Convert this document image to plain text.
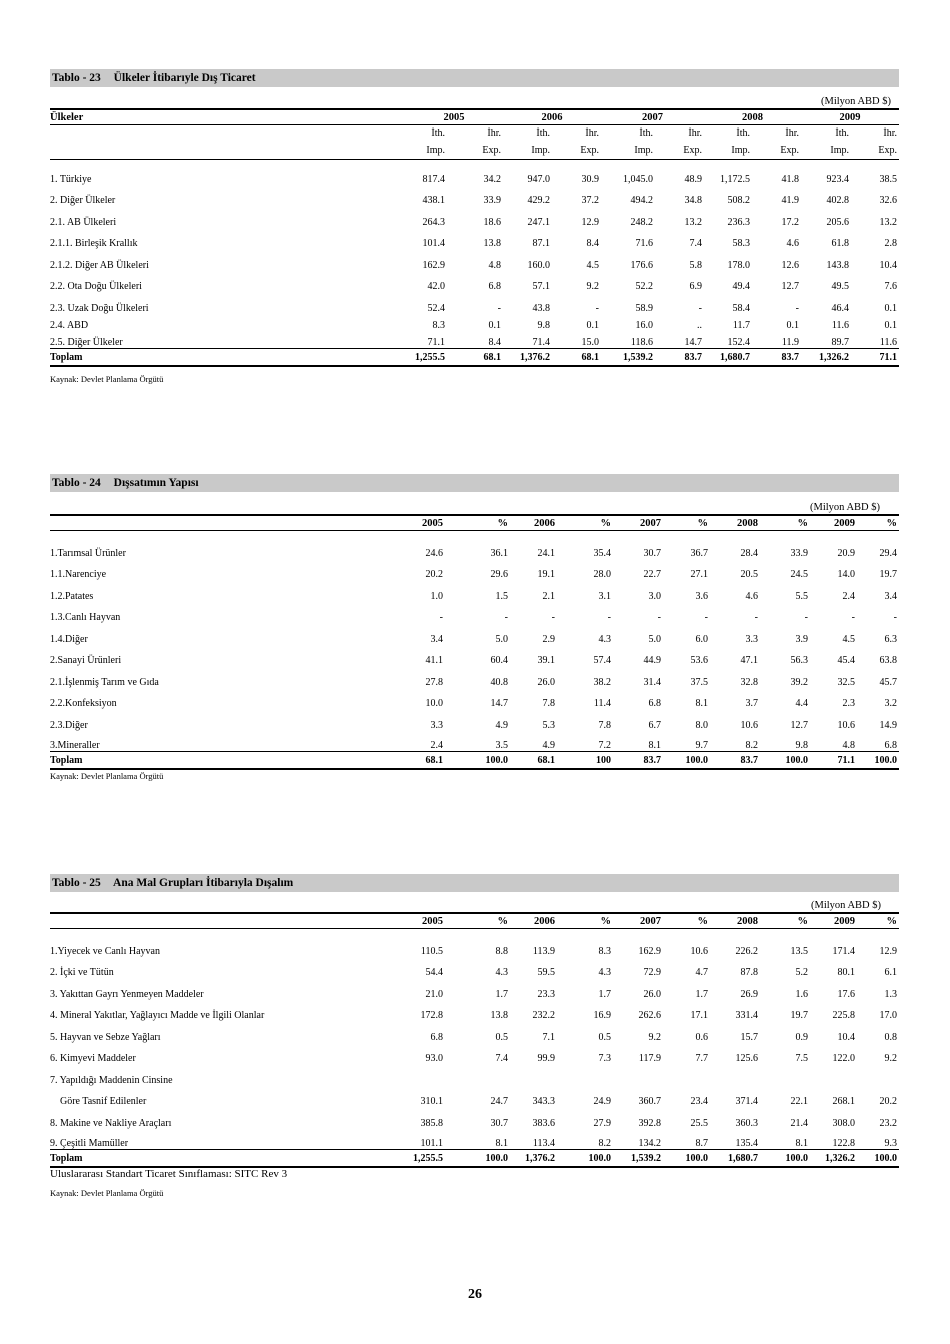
Tablo - 23 Ülkeler İtibarıyle Dış Ticaret
									(Milyon ABD $)	
Ülkeler	2005		2006		2007		2008		2009	
	İth.	İhr.	İth.	İhr.	İth.	İhr.	İth.	İhr.	İth.	İhr.
	Imp.	Exp.	Imp.	Exp.	Imp.	Exp.	Imp.	Exp.	Imp.	Exp.
1. Türkiye	817.4	34.2	947.0	30.9	1,045.0	48.9	1,172.5	41.8	923.4	38.5
2. Diğer Ülkeler	438.1	33.9	429.2	37.2	494.2	34.8	508.2	41.9	402.8	32.6
2.1. AB Ülkeleri	264.3	18.6	247.1	12.9	248.2	13.2	236.3	17.2	205.6	13.2
2.1.1. Birleşik Krallık	101.4	13.8	87.1	8.4	71.6	7.4	58.3	4.6	61.8	2.8
2.1.2. Diğer AB Ülkeleri	162.9	4.8	160.0	4.5	176.6	5.8	178.0	12.6	143.8	10.4
2.2. Ota Doğu Ülkeleri	42.0	6.8	57.1	9.2	52.2	6.9	49.4	12.7	49.5	7.6
2.3. Uzak Doğu Ülkeleri	52.4	-	43.8	-	58.9	-	58.4	-	46.4	0.1
2.4. ABD	8.3	0.1	9.8	0.1	16.0	..	11.7	0.1	11.6	0.1
2.5. Diğer Ülkeler	71.1	8.4	71.4	15.0	118.6	14.7	152.4	11.9	89.7	11.6
Toplam	1,255.5	68.1	1,376.2	68.1	1,539.2	83.7	1,680.7	83.7	1,326.2	71.1
Kaynak: Devlet Planlama Örgütü
Tablo - 24 Dışsatımın Yapısı
									(Milyon ABD $)	
	2005	%	2006	%	2007	%	2008	%	2009	%
1.Tarımsal Ürünler	24.6	36.1	24.1	35.4	30.7	36.7	28.4	33.9	20.9	29.4
1.1.Narenciye	20.2	29.6	19.1	28.0	22.7	27.1	20.5	24.5	14.0	19.7
1.2.Patates	1.0	1.5	2.1	3.1	3.0	3.6	4.6	5.5	2.4	3.4
1.3.Canlı Hayvan	-	-	-	-	-	-	-	-	-	-
1.4.Diğer	3.4	5.0	2.9	4.3	5.0	6.0	3.3	3.9	4.5	6.3
2.Sanayi Ürünleri	41.1	60.4	39.1	57.4	44.9	53.6	47.1	56.3	45.4	63.8
2.1.İşlenmiş Tarım ve Gıda	27.8	40.8	26.0	38.2	31.4	37.5	32.8	39.2	32.5	45.7
2.2.Konfeksiyon	10.0	14.7	7.8	11.4	6.8	8.1	3.7	4.4	2.3	3.2
2.3.Diğer	3.3	4.9	5.3	7.8	6.7	8.0	10.6	12.7	10.6	14.9
3.Mineraller	2.4	3.5	4.9	7.2	8.1	9.7	8.2	9.8	4.8	6.8
Toplam	68.1	100.0	68.1	100	83.7	100.0	83.7	100.0	71.1	100.0
Kaynak: Devlet Planlama Örgütü
Tablo - 25 Ana Mal Grupları İtibarıyla Dışalım
									(Milyon ABD $)	
	2005	%	2006	%	2007	%	2008	%	2009	%
1.Yiyecek ve Canlı Hayvan	110.5	8.8	113.9	8.3	162.9	10.6	226.2	13.5	171.4	12.9
2. İçki ve Tütün	54.4	4.3	59.5	4.3	72.9	4.7	87.8	5.2	80.1	6.1
3. Yakıttan Gayrı Yenmeyen Maddeler	21.0	1.7	23.3	1.7	26.0	1.7	26.9	1.6	17.6	1.3
4. Mineral Yakıtlar, Yağlayıcı Madde ve İlgili Olanlar	172.8	13.8	232.2	16.9	262.6	17.1	331.4	19.7	225.8	17.0
5. Hayvan ve Sebze Yağları	6.8	0.5	7.1	0.5	9.2	0.6	15.7	0.9	10.4	0.8
6. Kimyevi Maddeler	93.0	7.4	99.9	7.3	117.9	7.7	125.6	7.5	122.0	9.2
7. Yapıldığı Maddenin Cinsine										
Göre Tasnif Edilenler	310.1	24.7	343.3	24.9	360.7	23.4	371.4	22.1	268.1	20.2
8. Makine ve Nakliye Araçları	385.8	30.7	383.6	27.9	392.8	25.5	360.3	21.4	308.0	23.2
9. Çeşitli Mamüller	101.1	8.1	113.4	8.2	134.2	8.7	135.4	8.1	122.8	9.3
Toplam	1,255.5	100.0	1,376.2	100.0	1,539.2	100.0	1,680.7	100.0	1,326.2	100.0
Uluslararası Standart Ticaret Sınıflaması: SITC Rev 3
Kaynak: Devlet Planlama Örgütü
26
